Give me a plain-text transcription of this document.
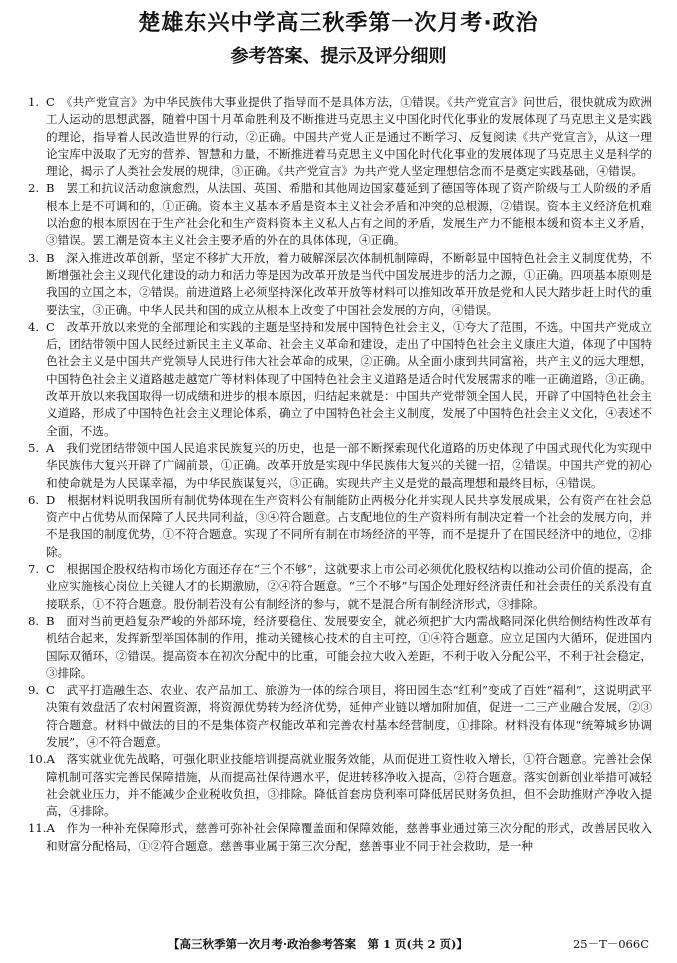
楚雄东兴中学高三秋季第一次月考·政治
参考答案、提示及评分细则

1. C　《共产党宣言》为中华民族伟大事业提供了指导而不是具体方法，①错误。《共产党宣言》问世后，很快就成为欧洲工人运动的思想武器，随着中国十月革命胜利及不断推进马克思主义中国化时代化事业的发展体现了马克思主义是实践的理论，指导着人民改造世界的行动，②正确。中国共产党人正是通过不断学习、反复阅读《共产党宣言》，从这一理论宝库中汲取了无穷的营养、智慧和力量，不断推进着马克思主义中国化时代化事业的发展体现了马克思主义是科学的理论，揭示了人类社会发展的规律，③正确。《共产党宣言》为共产党人坚定理想信念而不是奠定实践基础，④错误。

2. B　罢工和抗议活动愈演愈烈，从法国、英国、希腊和其他周边国家蔓延到了德国等体现了资产阶级与工人阶级的矛盾根本上是不可调和的，①正确。资本主义基本矛盾是资本主义社会矛盾和冲突的总根源，②错误。资本主义经济危机难以治愈的根本原因在于生产社会化和生产资料资本主义私人占有之间的矛盾，发展生产力不能根本缓和资本主义矛盾，③错误。罢工潮是资本主义社会主要矛盾的外在的具体体现，④正确。

3. B　深入推进改革创新，坚定不移扩大开放，着力破解深层次体制机制障碍，不断彰显中国特色社会主义制度优势，不断增强社会主义现代化建设的动力和活力等是因为改革开放是当代中国发展进步的活力之源，①正确。四项基本原则是我国的立国之本，②错误。前进道路上必须坚持深化改革开放等材料可以推知改革开放是党和人民大踏步赶上时代的重要法宝，③正确。中华人民共和国的成立从根本上改变了中国社会发展的方向，④错误。

4. C　改革开放以来党的全部理论和实践的主题是坚持和发展中国特色社会主义，①夸大了范围，不选。中国共产党成立后，团结带领中国人民经过新民主主义革命、社会主义革命和建设，走出了中国特色社会主义康庄大道，体现了中国特色社会主义是中国共产党领导人民进行伟大社会革命的成果，②正确。从全面小康到共同富裕，共产主义的远大理想，中国特色社会主义道路越走越宽广等材料体现了中国特色社会主义道路是适合时代发展需求的唯一正确道路，③正确。改革开放以来我国取得一切成绩和进步的根本原因，归结起来就是：中国共产党带领全国人民，开辟了中国特色社会主义道路，形成了中国特色社会主义理论体系，确立了中国特色社会主义制度，发展了中国特色社会主义文化，④表述不全面，不选。

5. A　我们党团结带领中国人民追求民族复兴的历史，也是一部不断探索现代化道路的历史体现了中国式现代化为实现中华民族伟大复兴开辟了广阔前景，①正确。改革开放是实现中华民族伟大复兴的关键一招，②错误。中国共产党的初心和使命就是为人民谋幸福，为中华民族谋复兴，③正确。实现共产主义是党的最高理想和最终目标，④错误。

6. D　根据材料说明我国所有制优势体现在生产资料公有制能防止两极分化并实现人民共享发展成果，公有资产在社会总资产中占优势从而保障了人民共同利益，③④符合题意。占支配地位的生产资料所有制决定着一个社会的发展方向，并不是我国的制度优势，①不符合题意。实现了不同所有制在市场经济的平等，而不是提升了在国民经济中的地位，②排除。

7. C　根据国企股权结构市场化方面还存在“三个不够”，这就要求上市公司必须优化股权结构以推动公司价值的提高，企业应实施核心岗位上关键人才的长期激励，②④符合题意。“三个不够”与国企处理好经济责任和社会责任的关系没有直接联系，①不符合题意。股份制若没有公有制经济的参与，就不是混合所有制经济形式，③排除。

8. B　面对当前更趋复杂严峻的外部环境，经济要稳住、发展要安全，就必须把扩大内需战略同深化供给侧结构性改革有机结合起来，发挥新型举国体制的作用，推动关键核心技术的自主可控，①④符合题意。应立足国内大循环，促进国内国际双循环，②错误。提高资本在初次分配中的比重，可能会拉大收入差距，不利于收入分配公平，不利于社会稳定，③排除。

9. C　武平打造融生态、农业、农产品加工、旅游为一体的综合项目，将田园生态“红利”变成了百姓“福利”，这说明武平决策有效盘活了农村闲置资源，将资源优势转为经济优势，延伸产业链以增加附加值，促进一二三产业融合发展，②③符合题意。材料中做法的目的不是集体资产权能改革和完善农村基本经营制度，①排除。材料没有体现“统筹城乡协调发展”，④不符合题意。

10.A　落实就业优先战略，可强化职业技能培训提高就业服务效能，从而促进工资性收入增长，①符合题意。完善社会保障机制可落实完善民保障措施，从而提高社保待遇水平，促进转移净收入提高，②符合题意。落实创新创业举措可减轻社会就业压力，并不能减少企业税收负担，③排除。降低首套房贷利率可降低居民财务负担，但不会助推财产净收入提高，④排除。

11.A　作为一种补充保障形式，慈善可弥补社会保障覆盖面和保障效能，慈善事业通过第三次分配的形式，改善居民收入和财富分配格局，①②符合题意。慈善事业属于第三次分配，慈善事业不同于社会救助，是一种

【高三秋季第一次月考·政治参考答案　第 1 页(共 2 页)】	25－T－066C
